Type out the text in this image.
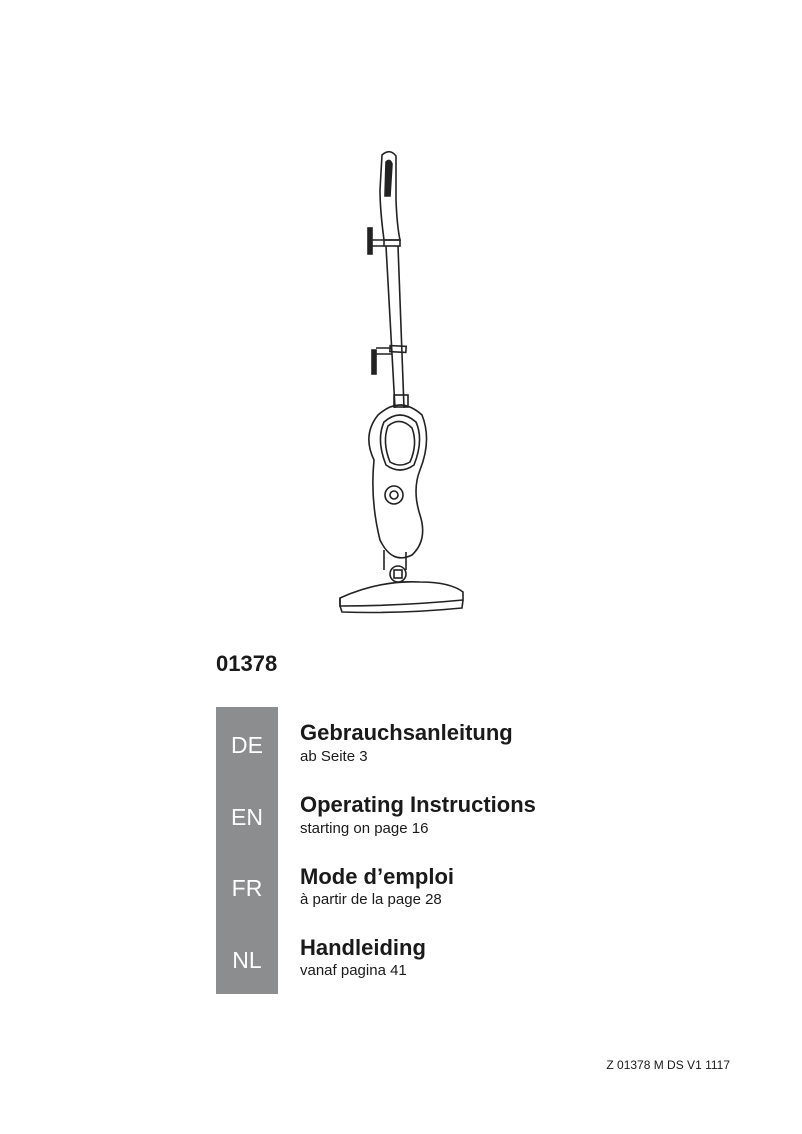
01378
DE
EN
FR
NL
Gebrauchsanleitung
ab Seite 3
Operating Instructions
starting on page 16
Mode d’emploi
à partir de la page 28
Handleiding
vanaf pagina 41
Z 01378 M DS V1 1117
